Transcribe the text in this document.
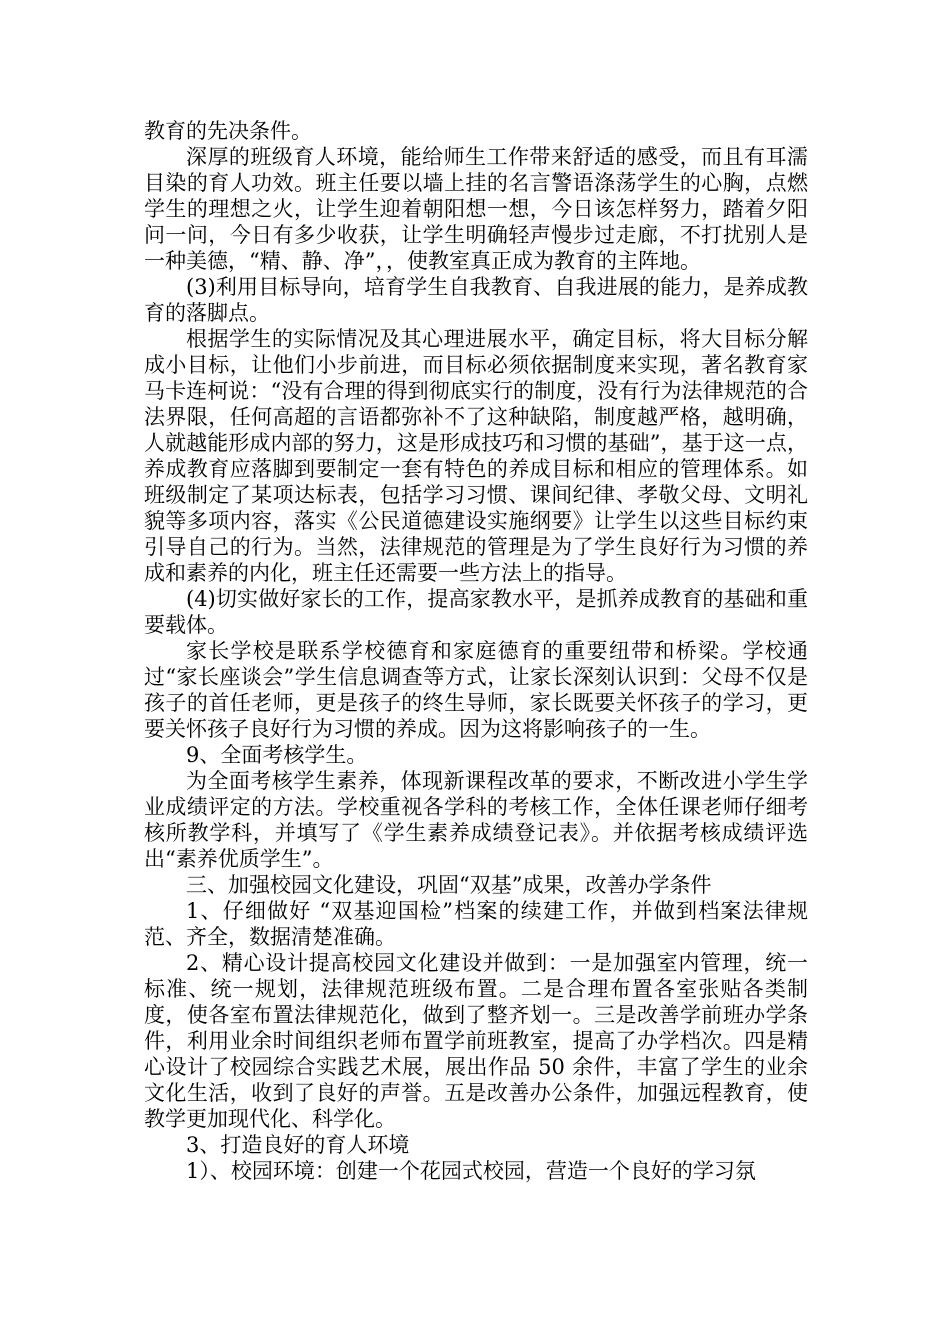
教育的先决条件。

深厚的班级育人环境，能给师生工作带来舒适的感受，而且有耳濡目染的育人功效。班主任要以墙上挂的名言警语涤荡学生的心胸，点燃学生的理想之火，让学生迎着朝阳想一想，今日该怎样努力，踏着夕阳问一问，今日有多少收获，让学生明确轻声慢步过走廊，不打扰别人是一种美德，“精、静、净”，，使教室真正成为教育的主阵地。

(3)利用目标导向，培育学生自我教育、自我进展的能力，是养成教育的落脚点。

根据学生的实际情况及其心理进展水平，确定目标，将大目标分解成小目标，让他们小步前进，而目标必须依据制度来实现，著名教育家马卡连柯说：“没有合理的得到彻底实行的制度，没有行为法律规范的合法界限，任何高超的言语都弥补不了这种缺陷，制度越严格，越明确，人就越能形成内部的努力，这是形成技巧和习惯的基础”，基于这一点，养成教育应落脚到要制定一套有特色的养成目标和相应的管理体系。如班级制定了某项达标表，包括学习习惯、课间纪律、孝敬父母、文明礼貌等多项内容，落实《公民道德建设实施纲要》让学生以这些目标约束引导自己的行为。当然，法律规范的管理是为了学生良好行为习惯的养成和素养的内化，班主任还需要一些方法上的指导。

(4)切实做好家长的工作，提高家教水平，是抓养成教育的基础和重要载体。

家长学校是联系学校德育和家庭德育的重要纽带和桥梁。学校通过“家长座谈会”学生信息调查等方式，让家长深刻认识到：父母不仅是孩子的首任老师，更是孩子的终生导师，家长既要关怀孩子的学习，更要关怀孩子良好行为习惯的养成。因为这将影响孩子的一生。

9、全面考核学生。

为全面考核学生素养，体现新课程改革的要求，不断改进小学生学业成绩评定的方法。学校重视各学科的考核工作，全体任课老师仔细考核所教学科，并填写了《学生素养成绩登记表》。并依据考核成绩评选出“素养优质学生”。

三、加强校园文化建设，巩固“双基”成果，改善办学条件

1、仔细做好 “双基迎国检”档案的续建工作，并做到档案法律规范、齐全，数据清楚准确。

2、精心设计提高校园文化建设并做到：一是加强室内管理，统一标准、统一规划，法律规范班级布置。二是合理布置各室张贴各类制度，使各室布置法律规范化，做到了整齐划一。三是改善学前班办学条件，利用业余时间组织老师布置学前班教室，提高了办学档次。四是精心设计了校园综合实践艺术展，展出作品 50 余件，丰富了学生的业余文化生活，收到了良好的声誉。五是改善办公条件，加强远程教育，使教学更加现代化、科学化。

3、打造良好的育人环境

1）、校园环境：创建一个花园式校园，营造一个良好的学习氛
